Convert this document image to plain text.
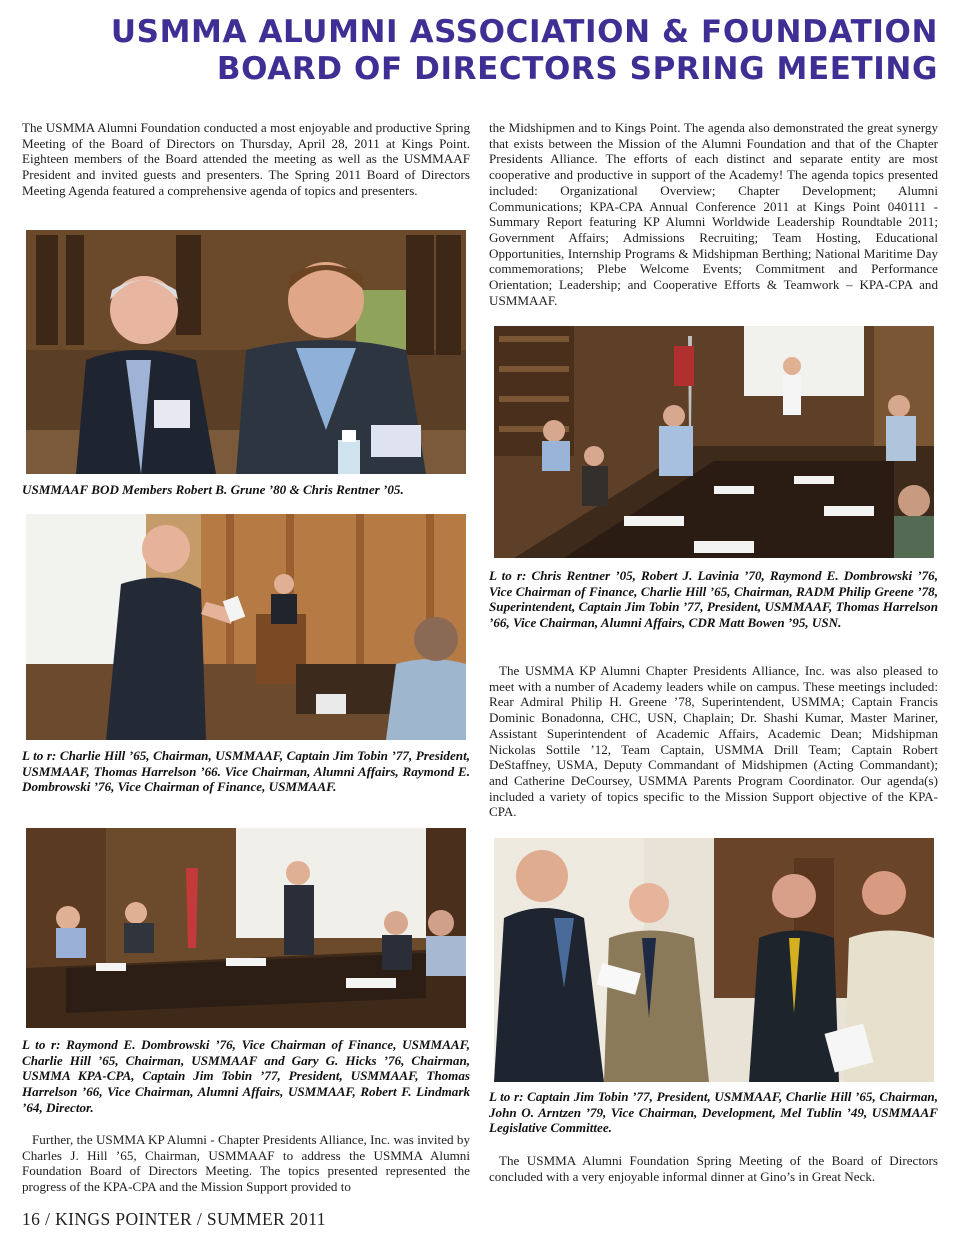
USMMA ALUMNI ASSOCIATION & FOUNDATION
BOARD OF DIRECTORS SPRING MEETING

The USMMA Alumni Foundation conducted a most enjoyable and productive Spring Meeting of the Board of Directors on Thursday, April 28, 2011 at Kings Point. Eighteen members of the Board attended the meeting as well as the USMMAAF President and invited guests and presenters. The Spring 2011 Board of Directors Meeting Agenda featured a comprehensive agenda of topics and presenters.

USMMAAF BOD Members Robert B. Grune ’80 & Chris Rentner ’05.

L to r: Charlie Hill ’65, Chairman, USMMAAF, Captain Jim Tobin ’77, President, USMMAAF, Thomas Harrelson ’66. Vice Chairman, Alumni Affairs, Raymond E. Dombrowski ’76, Vice Chairman of Finance, USMMAAF.

L to r: Raymond E. Dombrowski ’76, Vice Chairman of Finance, USMMAAF, Charlie Hill ’65, Chairman, USMMAAF and Gary G. Hicks ’76, Chairman, USMMA KPA-CPA, Captain Jim Tobin ’77, President, USMMAAF, Thomas Harrelson ’66, Vice Chairman, Alumni Affairs, USMMAAF, Robert F. Lindmark ’64, Director.

Further, the USMMA KP Alumni - Chapter Presidents Alliance, Inc. was invited by Charles J. Hill ’65, Chairman, USMMAAF to address the USMMA Alumni Foundation Board of Directors Meeting. The topics presented represented the progress of the KPA-CPA and the Mission Support provided to

the Midshipmen and to Kings Point. The agenda also demonstrated the great synergy that exists between the Mission of the Alumni Foundation and that of the Chapter Presidents Alliance. The efforts of each distinct and separate entity are most cooperative and productive in support of the Academy! The agenda topics presented included: Organizational Overview; Chapter Development; Alumni Communications; KPA-CPA Annual Conference 2011 at Kings Point 040111 - Summary Report featuring KP Alumni Worldwide Leadership Roundtable 2011; Government Affairs; Admissions Recruiting; Team Hosting, Educational Opportunities, Internship Programs & Midshipman Berthing; National Maritime Day commemorations; Plebe Welcome Events; Commitment and Performance Orientation; Leadership; and Cooperative Efforts & Teamwork – KPA-CPA and USMMAAF.

L to r: Chris Rentner ’05, Robert J. Lavinia ’70, Raymond E. Dombrowski ’76, Vice Chairman of Finance, Charlie Hill ’65, Chairman, RADM Philip Greene ’78, Superintendent, Captain Jim Tobin ’77, President, USMMAAF, Thomas Harrelson ’66, Vice Chairman, Alumni Affairs, CDR Matt Bowen ’95, USN.

The USMMA KP Alumni Chapter Presidents Alliance, Inc. was also pleased to meet with a number of Academy leaders while on campus. These meetings included: Rear Admiral Philip H. Greene ’78, Superintendent, USMMA; Captain Francis Dominic Bonadonna, CHC, USN, Chaplain; Dr. Shashi Kumar, Master Mariner, Assistant Superintendent of Academic Affairs, Academic Dean; Midshipman Nickolas Sottile ’12, Team Captain, USMMA Drill Team; Captain Robert DeStaffney, USMA, Deputy Commandant of Midshipmen (Acting Commandant); and Catherine DeCoursey, USMMA Parents Program Coordinator. Our agenda(s) included a variety of topics specific to the Mission Support objective of the KPA-CPA.

L to r: Captain Jim Tobin ’77, President, USMMAAF, Charlie Hill ’65, Chairman, John O. Arntzen ’79, Vice Chairman, Development, Mel Tublin ’49, USMMAAF Legislative Committee.

The USMMA Alumni Foundation Spring Meeting of the Board of Directors concluded with a very enjoyable informal dinner at Gino’s in Great Neck.

16 / KINGS POINTER / SUMMER 2011
